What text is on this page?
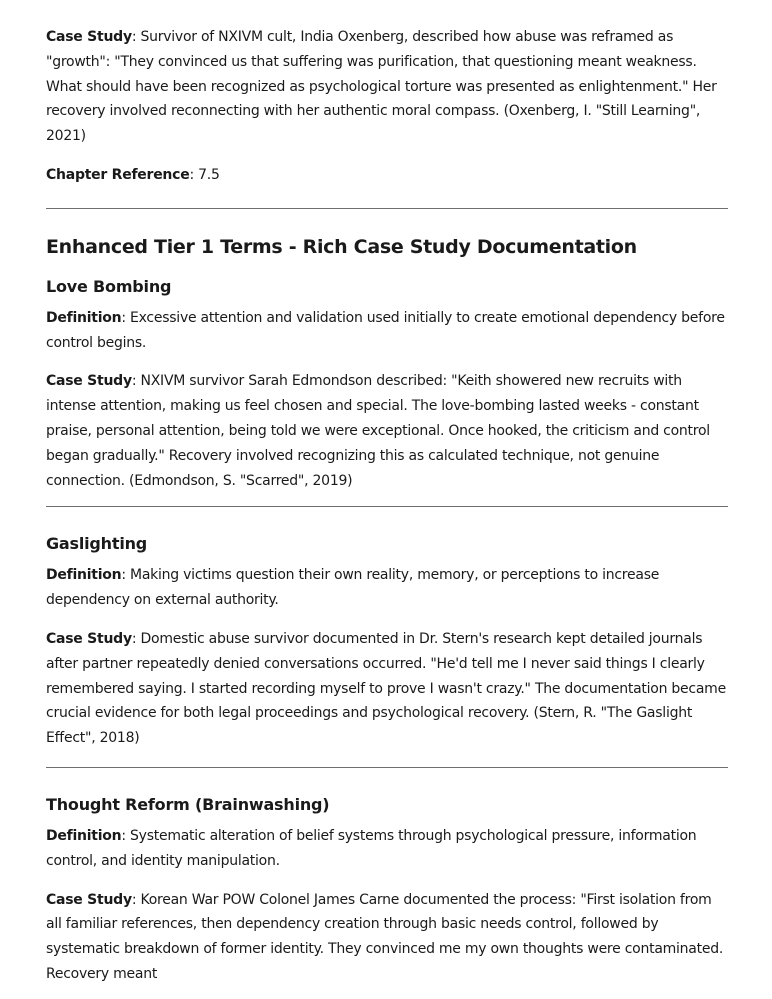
Case Study: Survivor of NXIVM cult, India Oxenberg, described how abuse was reframed as "growth": "They convinced us that suffering was purification, that questioning meant weakness. What should have been recognized as psychological torture was presented as enlightenment." Her recovery involved reconnecting with her authentic moral compass. (Oxenberg, I. "Still Learning", 2021)

Chapter Reference: 7.5

Enhanced Tier 1 Terms - Rich Case Study Documentation
Love Bombing

Definition: Excessive attention and validation used initially to create emotional dependency before control begins.

Case Study: NXIVM survivor Sarah Edmondson described: "Keith showered new recruits with intense attention, making us feel chosen and special. The love-bombing lasted weeks - constant praise, personal attention, being told we were exceptional. Once hooked, the criticism and control began gradually." Recovery involved recognizing this as calculated technique, not genuine connection. (Edmondson, S. "Scarred", 2019)

Gaslighting

Definition: Making victims question their own reality, memory, or perceptions to increase dependency on external authority.

Case Study: Domestic abuse survivor documented in Dr. Stern's research kept detailed journals after partner repeatedly denied conversations occurred. "He'd tell me I never said things I clearly remembered saying. I started recording myself to prove I wasn't crazy." The documentation became crucial evidence for both legal proceedings and psychological recovery. (Stern, R. "The Gaslight Effect", 2018)

Thought Reform (Brainwashing)

Definition: Systematic alteration of belief systems through psychological pressure, information control, and identity manipulation.

Case Study: Korean War POW Colonel James Carne documented the process: "First isolation from all familiar references, then dependency creation through basic needs control, followed by systematic breakdown of former identity. They convinced me my own thoughts were contaminated. Recovery meant
